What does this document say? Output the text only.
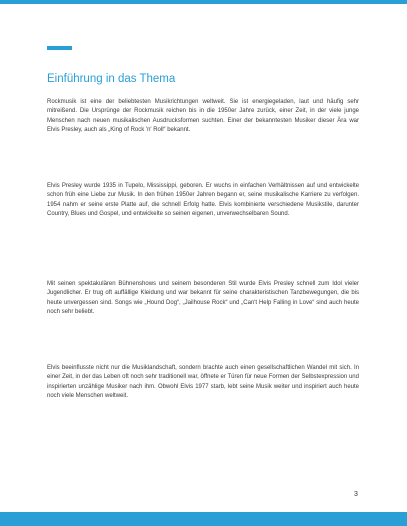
Einführung in das Thema

Rockmusik ist eine der beliebtesten Musikrichtungen weltweit. Sie ist energiegeladen, laut und häufig sehr mitreißend. Die Ursprünge der Rockmusik reichen bis in die 1950er Jahre zurück, einer Zeit, in der viele junge Menschen nach neuen musikalischen Ausdrucksformen suchten. Einer der bekanntesten Musiker dieser Ära war Elvis Presley, auch als „King of Rock 'n' Roll“ bekannt.

Elvis Presley wurde 1935 in Tupelo, Mississippi, geboren. Er wuchs in einfachen Verhältnissen auf und entwickelte schon früh eine Liebe zur Musik. In den frühen 1950er Jahren begann er, seine musikalische Karriere zu verfolgen. 1954 nahm er seine erste Platte auf, die schnell Erfolg hatte. Elvis kombinierte verschiedene Musikstile, darunter Country, Blues und Gospel, und entwickelte so seinen eigenen, unverwechselbaren Sound.

Mit seinen spektakulären Bühnenshows und seinem besonderen Stil wurde Elvis Presley schnell zum Idol vieler Jugendlicher. Er trug oft auffällige Kleidung und war bekannt für seine charakteristischen Tanzbewegungen, die bis heute unvergessen sind. Songs wie „Hound Dog“, „Jailhouse Rock“ und „Can't Help Falling in Love“ sind auch heute noch sehr beliebt.

Elvis beeinflusste nicht nur die Musiklandschaft, sondern brachte auch einen gesellschaftlichen Wandel mit sich. In einer Zeit, in der das Leben oft noch sehr traditionell war, öffnete er Türen für neue Formen der Selbstexpression und inspirierten unzählige Musiker nach ihm. Obwohl Elvis 1977 starb, lebt seine Musik weiter und inspiriert auch heute noch viele Menschen weltweit.

3
